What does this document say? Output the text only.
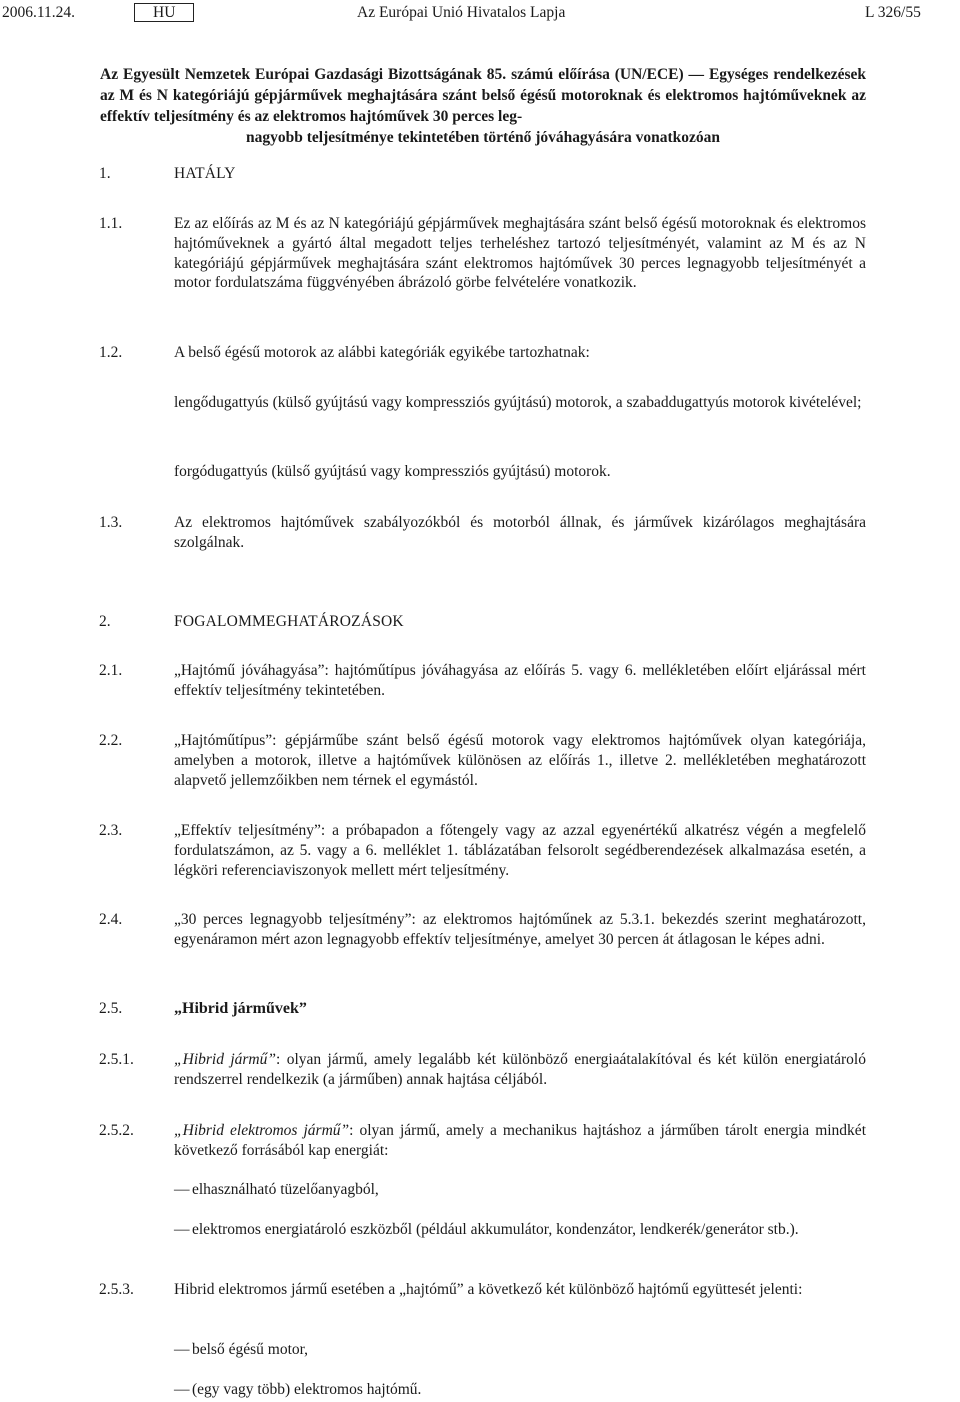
2006.11.24.	HU	Az Európai Unió Hivatalos Lapja	L 326/55
Az Egyesült Nemzetek Európai Gazdasági Bizottságának 85. számú előírása (UN/ECE) — Egységes rendelkezések az M és N kategóriájú gépjárművek meghajtására szánt belső égésű motoroknak és elektromos hajtóműveknek az effektív teljesítmény és az elektromos hajtóművek 30 perces leg-
nagyobb teljesítménye tekintetében történő jóváhagyására vonatkozóan
1.	HATÁLY
1.1.	Ez az előírás az M és az N kategóriájú gépjárművek meghajtására szánt belső égésű motoroknak és elektromos hajtóműveknek a gyártó által megadott teljes terheléshez tartozó teljesítményét, valamint az M és az N kategóriájú gépjárművek meghajtására szánt elektromos hajtóművek 30 perces legnagyobb teljesítményét a motor fordulatszáma függvényében ábrázoló görbe felvételére vonatkozik.
1.2.	A belső égésű motorok az alábbi kategóriák egyikébe tartozhatnak:
lengődugattyús (külső gyújtású vagy kompressziós gyújtású) motorok, a szabaddugattyús motorok kivételével;
forgódugattyús (külső gyújtású vagy kompressziós gyújtású) motorok.
1.3.	Az elektromos hajtóművek szabályozókból és motorból állnak, és járművek kizárólagos meghajtására szolgálnak.
2.	FOGALOMMEGHATÁROZÁSOK
2.1.	„Hajtómű jóváhagyása”: hajtóműtípus jóváhagyása az előírás 5. vagy 6. mellékletében előírt eljárással mért effektív teljesítmény tekintetében.
2.2.	„Hajtóműtípus”: gépjárműbe szánt belső égésű motorok vagy elektromos hajtóművek olyan kategóriája, amelyben a motorok, illetve a hajtóművek különösen az előírás 1., illetve 2. mellékletében meghatározott alapvető jellemzőikben nem térnek el egymástól.
2.3.	„Effektív teljesítmény”: a próbapadon a főtengely vagy az azzal egyenértékű alkatrész végén a megfelelő fordulatszámon, az 5. vagy a 6. melléklet 1. táblázatában felsorolt segédberendezések alkalmazása esetén, a légköri referenciaviszonyok mellett mért teljesítmény.
2.4.	„30 perces legnagyobb teljesítmény”: az elektromos hajtóműnek az 5.3.1. bekezdés szerint meghatározott, egyenáramon mért azon legnagyobb effektív teljesítménye, amelyet 30 percen át átlagosan le képes adni.
2.5.	„Hibrid járművek”
2.5.1.	„Hibrid jármű”: olyan jármű, amely legalább két különböző energiaátalakítóval és két külön energiatároló rendszerrel rendelkezik (a járműben) annak hajtása céljából.
2.5.2.	„Hibrid elektromos jármű”: olyan jármű, amely a mechanikus hajtáshoz a járműben tárolt energia mindkét következő forrásából kap energiát:
— elhasználható tüzelőanyagból,
— elektromos energiatároló eszközből (például akkumulátor, kondenzátor, lendkerék/generátor stb.).
2.5.3.	Hibrid elektromos jármű esetében a „hajtómű” a következő két különböző hajtómű együttesét jelenti:
— belső égésű motor,
— (egy vagy több) elektromos hajtómű.
